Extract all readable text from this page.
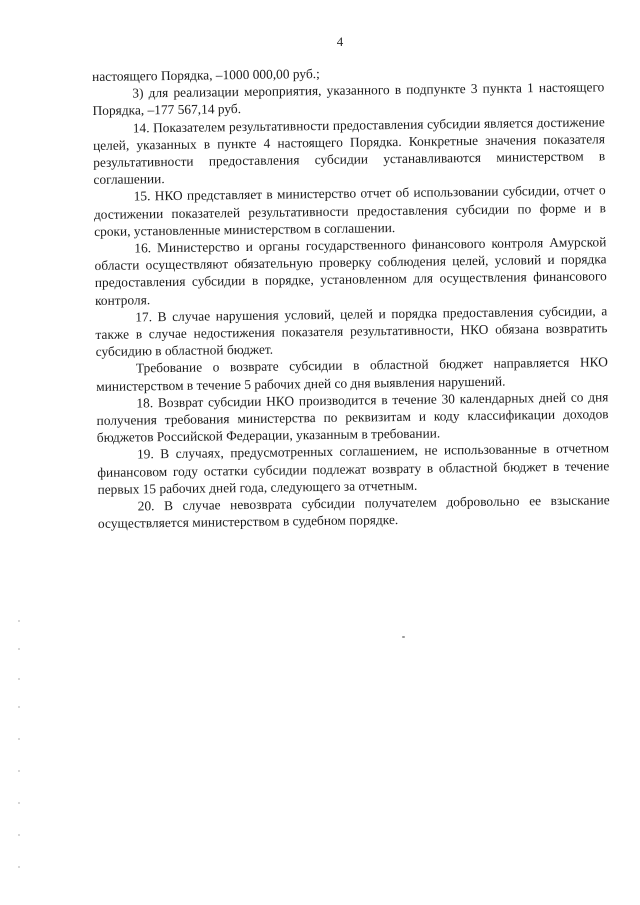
4

настоящего Порядка, –1000 000,00 руб.;

3) для реализации мероприятия, указанного в подпункте 3 пункта 1 настоящего Порядка, –177 567,14 руб.

14. Показателем результативности предоставления субсидии является достижение целей, указанных в пункте 4 настоящего Порядка. Конкретные значения показателя результативности предоставления субсидии устанавливаются министерством в соглашении.

15. НКО представляет в министерство отчет об использовании субсидии, отчет о достижении показателей результативности предоставления субсидии по форме и в сроки, установленные министерством в соглашении.

16. Министерство и органы государственного финансового контроля Амурской области осуществляют обязательную проверку соблюдения целей, условий и порядка предоставления субсидии в порядке, установленном для осуществления финансового контроля.

17. В случае нарушения условий, целей и порядка предоставления субсидии, а также в случае недостижения показателя результативности, НКО обязана возвратить субсидию в областной бюджет.

Требование о возврате субсидии в областной бюджет направляется НКО министерством в течение 5 рабочих дней со дня выявления нарушений.

18. Возврат субсидии НКО производится в течение 30 календарных дней со дня получения требования министерства по реквизитам и коду классификации доходов бюджетов Российской Федерации, указанным в требовании.

19. В случаях, предусмотренных соглашением, не использованные в отчетном финансовом году остатки субсидии подлежат возврату в областной бюджет в течение первых 15 рабочих дней года, следующего за отчетным.

20. В случае невозврата субсидии получателем добровольно ее взыскание осуществляется министерством в судебном порядке.
